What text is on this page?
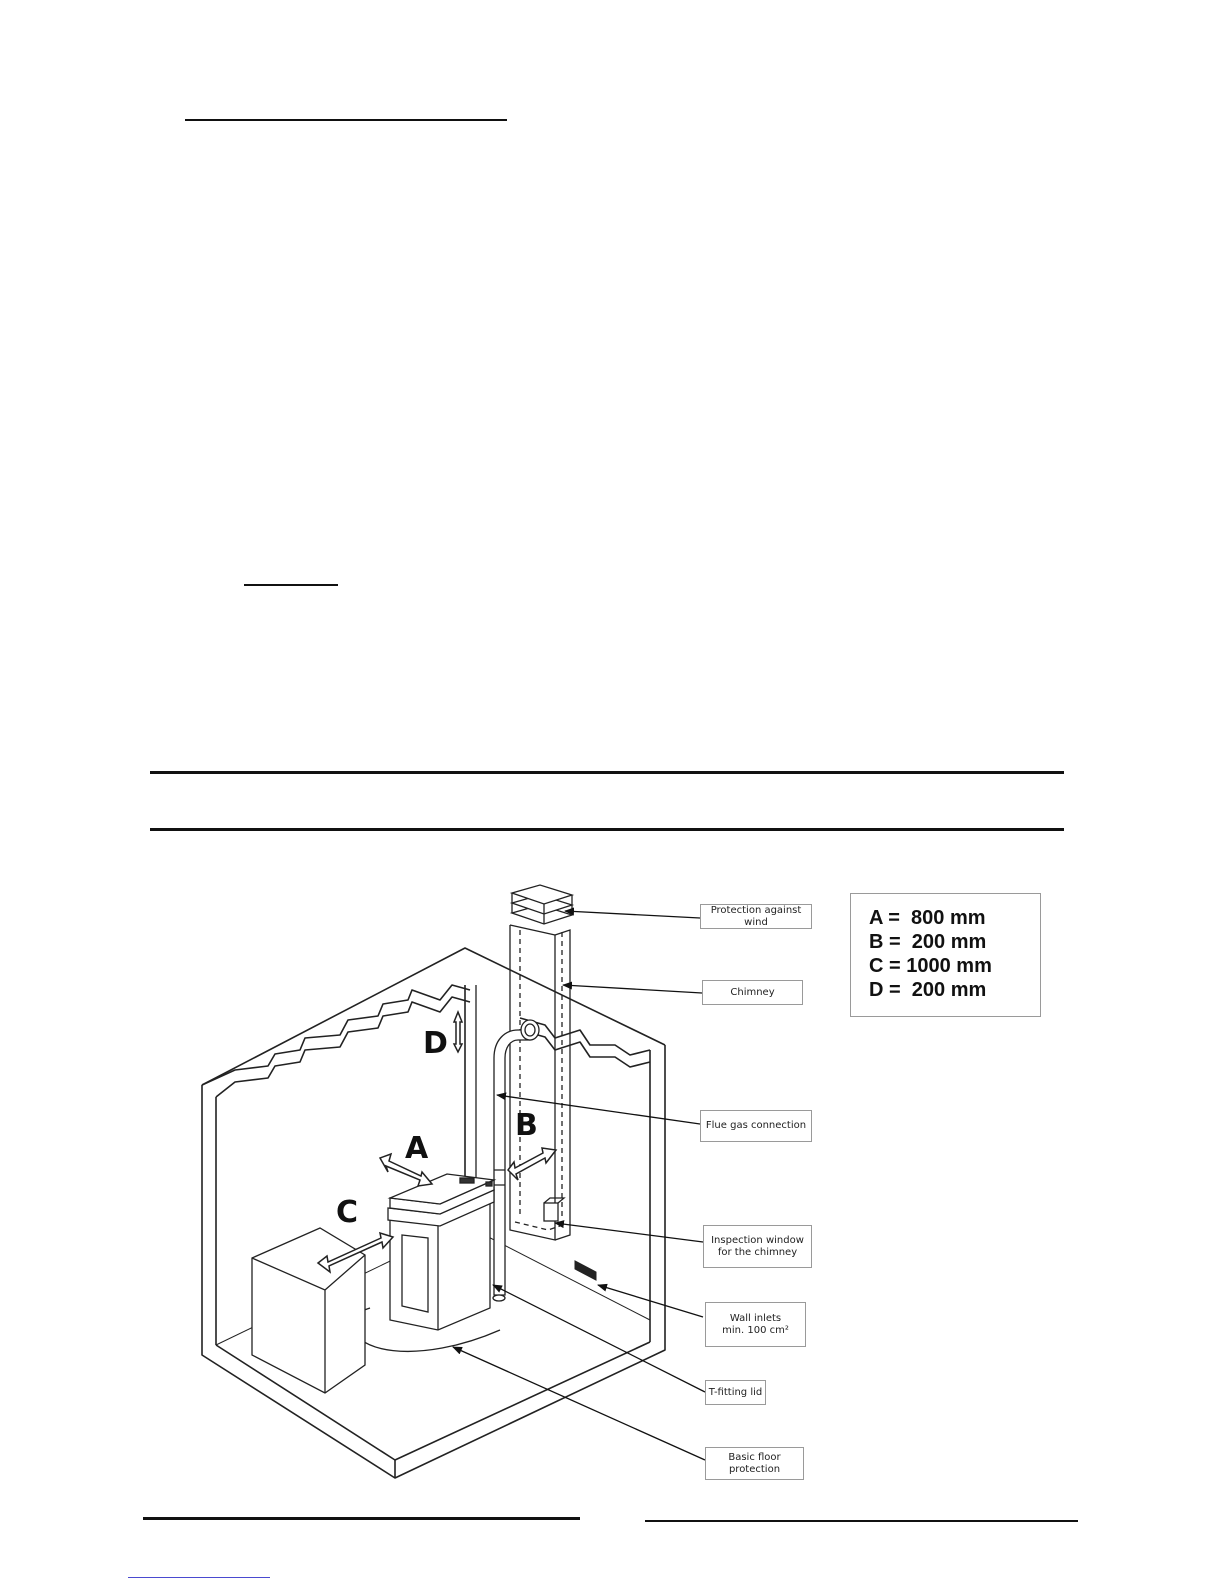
A
B
C
D
Protection against wind
Chimney
Flue gas connection
Inspection window
for the chimney
Wall inlets
min. 100 cm²
T-fitting lid
Basic floor protection
A =  800 mm
B =  200 mm
C = 1000 mm
D =  200 mm
